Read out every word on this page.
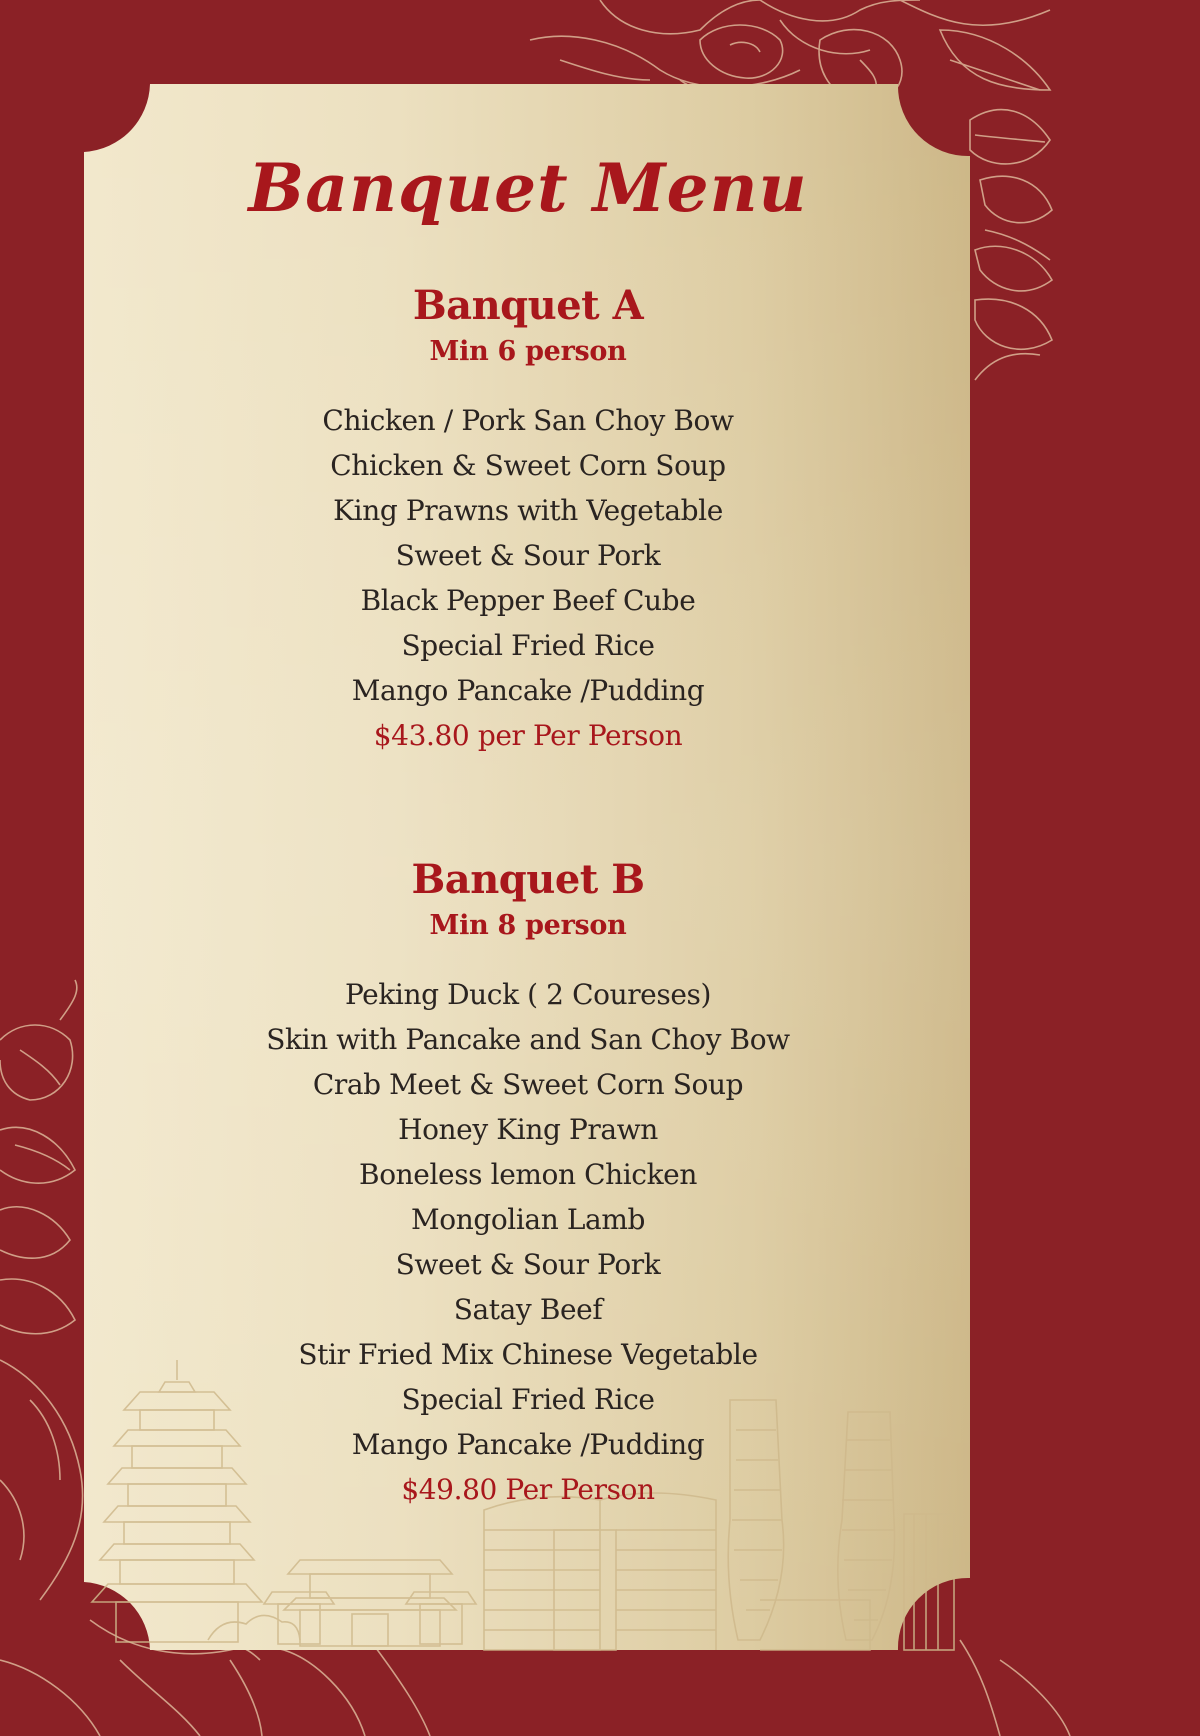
Banquet Menu
Banquet A
Min 6 person
Chicken / Pork San Choy Bow
Chicken & Sweet Corn Soup
King Prawns with Vegetable
Sweet & Sour Pork
Black Pepper Beef Cube
Special Fried Rice
Mango Pancake /Pudding
$43.80 per Per Person
Banquet B
Min 8 person
Peking Duck ( 2 Coureses)
Skin with Pancake and San Choy Bow
Crab Meet & Sweet Corn Soup
Honey King Prawn
Boneless lemon Chicken
Mongolian Lamb
Sweet & Sour Pork
Satay Beef
Stir Fried Mix Chinese Vegetable
Special Fried Rice
Mango Pancake /Pudding
$49.80 Per Person
